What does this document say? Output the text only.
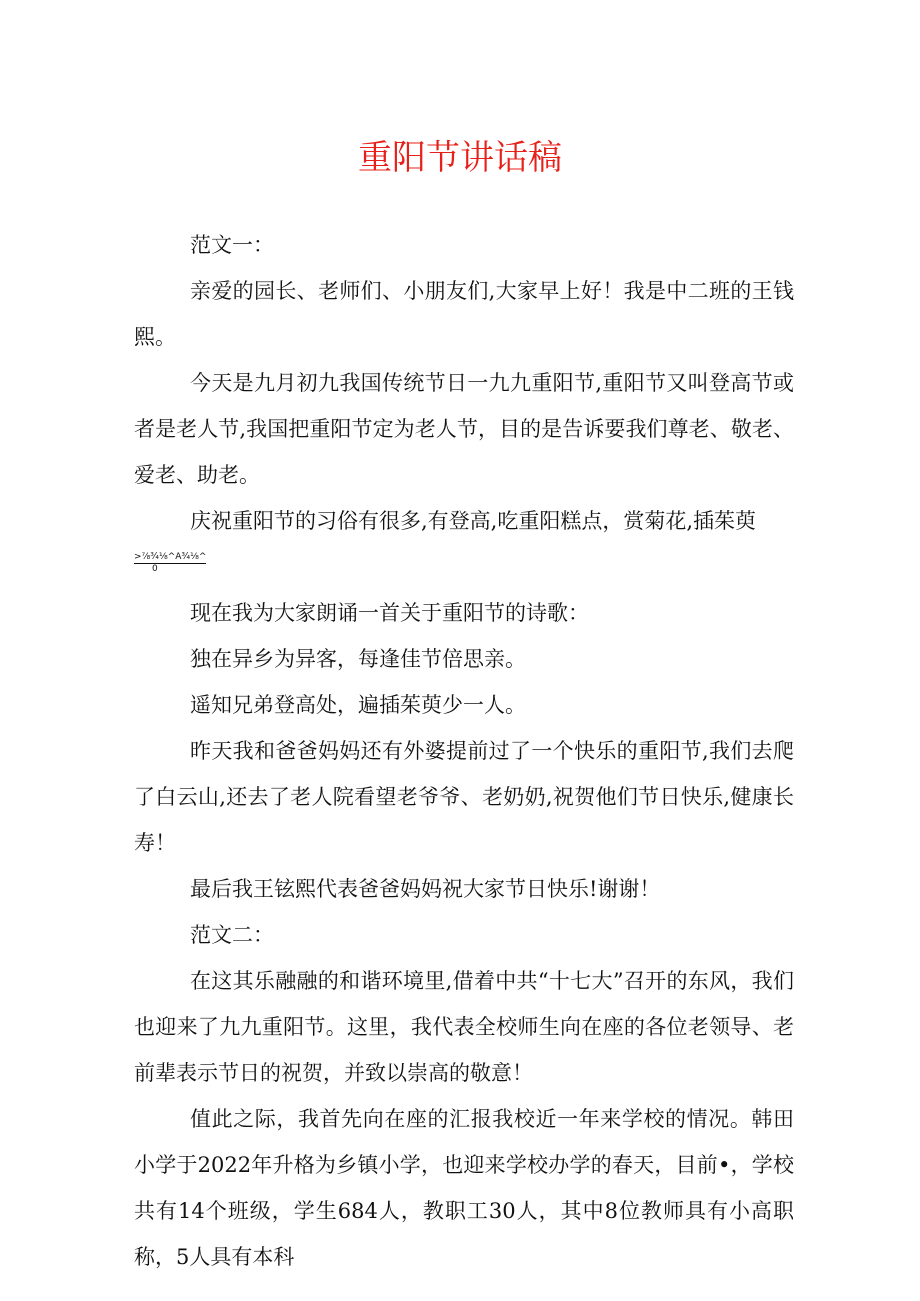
重阳节讲话稿

范文一：

亲爱的园长、老师们、小朋友们,大家早上好！我是中二班的王钱熙。

今天是九月初九我国传统节日一九九重阳节,重阳节又叫登高节或者是老人节,我国把重阳节定为老人节，目的是告诉要我们尊老、敬老、爱老、助老。

庆祝重阳节的习俗有很多,有登高,吃重阳糕点，赏菊花,插茱萸

>⅞¾⅛^A¾⅛^
0

现在我为大家朗诵一首关于重阳节的诗歌：

独在异乡为异客，每逢佳节倍思亲。

遥知兄弟登高处，遍插茱萸少一人。

昨天我和爸爸妈妈还有外婆提前过了一个快乐的重阳节,我们去爬了白云山,还去了老人院看望老爷爷、老奶奶,祝贺他们节日快乐,健康长寿！

最后我王铉熙代表爸爸妈妈祝大家节日快乐!谢谢！

范文二：

在这其乐融融的和谐环境里,借着中共“十七大”召开的东风，我们也迎来了九九重阳节。这里，我代表全校师生向在座的各位老领导、老前辈表示节日的祝贺，并致以崇高的敬意！

值此之际，我首先向在座的汇报我校近一年来学校的情况。韩田小学于2022年升格为乡镇小学，也迎来学校办学的春天，目前•，学校共有14个班级，学生684人，教职工30人，其中8位教师具有小高职称，5人具有本科
